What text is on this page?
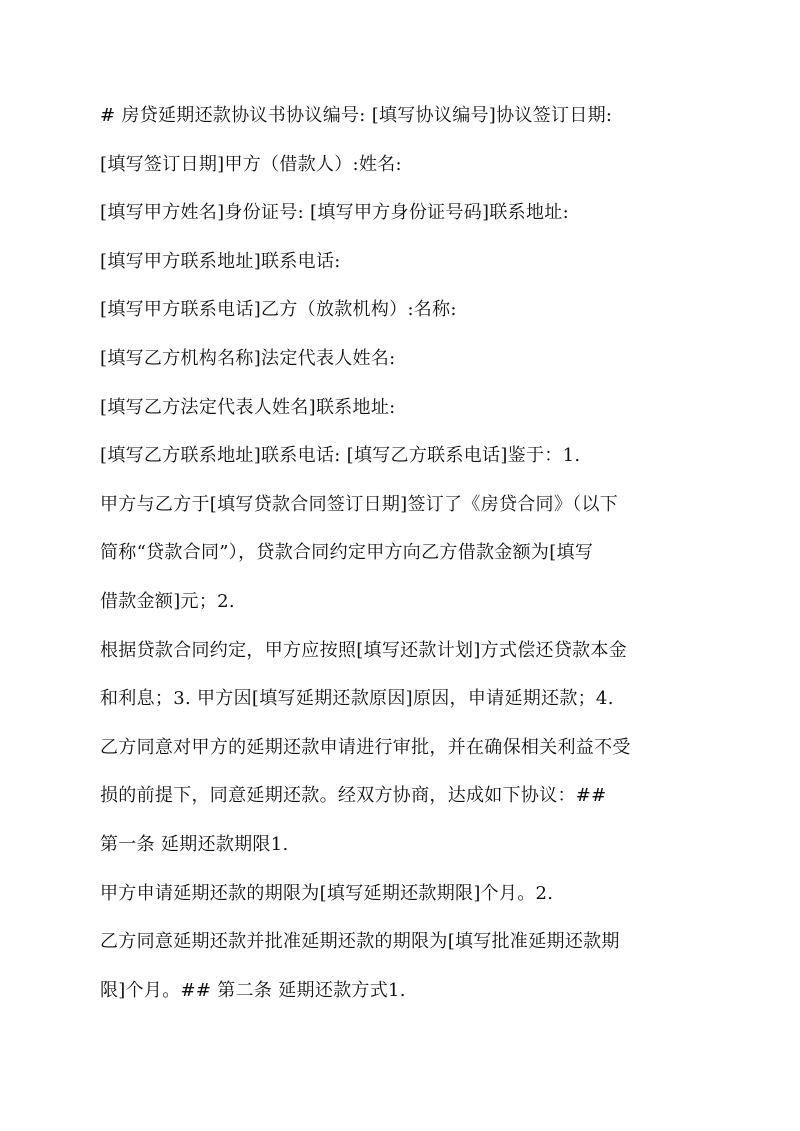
# 房贷延期还款协议书协议编号: [填写协议编号]协议签订日期:
[填写签订日期]甲方（借款人）:姓名:
[填写甲方姓名]身份证号: [填写甲方身份证号码]联系地址:
[填写甲方联系地址]联系电话:
[填写甲方联系电话]乙方（放款机构）:名称:
[填写乙方机构名称]法定代表人姓名:
[填写乙方法定代表人姓名]联系地址:
[填写乙方联系地址]联系电话: [填写乙方联系电话]鉴于：1.
甲方与乙方于[填写贷款合同签订日期]签订了《房贷合同》（以下
简称“贷款合同”），贷款合同约定甲方向乙方借款金额为[填写
借款金额]元；2.
根据贷款合同约定，甲方应按照[填写还款计划]方式偿还贷款本金
和利息；3. 甲方因[填写延期还款原因]原因，申请延期还款；4.
乙方同意对甲方的延期还款申请进行审批，并在确保相关利益不受
损的前提下，同意延期还款。经双方协商，达成如下协议：##
第一条 延期还款期限1.
甲方申请延期还款的期限为[填写延期还款期限]个月。2.
乙方同意延期还款并批准延期还款的期限为[填写批准延期还款期
限]个月。## 第二条 延期还款方式1.
